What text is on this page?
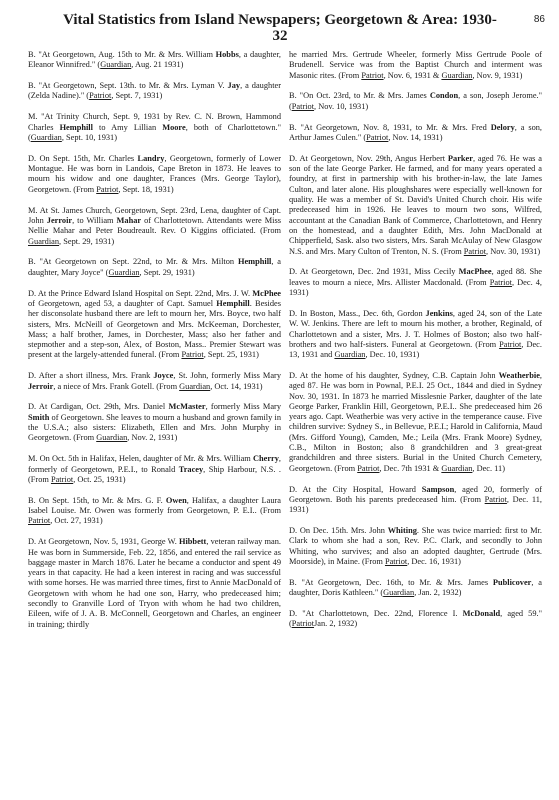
Vital Statistics from Island Newspapers; Georgetown & Area: 1930-32
86

B. "At Georgetown, Aug. 15th to Mr. & Mrs. William Hobbs, a daughter, Eleanor Winnifred." (Guardian, Aug. 21 1931)

B. "At Georgetown, Sept. 13th. to Mr. & Mrs. Lyman V. Jay, a daughter (Zelda Nadine)." (Patriot, Sept. 7, 1931)

M. "At Trinity Church, Sept. 9, 1931 by Rev. C. N. Brown, Hammond Charles Hemphill to Amy Lillian Moore, both of Charlottetown." (Guardian, Sept. 10, 1931)

D. On Sept. 15th, Mr. Charles Landry, Georgetown, formerly of Lower Montague. He was born in Landois, Cape Breton in 1873. He leaves to mourn his widow and one daughter, Frances (Mrs. George Taylor), Georgetown. (From Patriot, Sept. 18, 1931)

M. At St. James Church, Georgetown, Sept. 23rd, Lena, daughter of Capt. John Jerroir, to William Mahar of Charlottetown. Attendants were Miss Nellie Mahar and Peter Boudreault. Rev. O Kiggins officiated. (From Guardian, Sept. 29, 1931)

B. "At Georgetown on Sept. 22nd, to Mr. & Mrs. Milton Hemphill, a daughter, Mary Joyce" (Guardian, Sept. 29, 1931)

D. At the Prince Edward Island Hospital on Sept. 22nd, Mrs. J. W. McPhee of Georgetown, aged 53, a daughter of Capt. Samuel Hemphill. Besides her disconsolate husband there are left to mourn her, Mrs. Boyce, two half sisters, Mrs. McNeill of Georgetown and Mrs. McKeeman, Dorchester, Mass; a half brother, James, in Dorchester, Mass; also her father and stepmother and a step-son, Alex, of Boston, Mass.. Premier Stewart was present at the largely-attended funeral. (From Patriot, Sept. 25, 1931)

D. After a short illness, Mrs. Frank Joyce, St. John, formerly Miss Mary Jerroir, a niece of Mrs. Frank Gotell. (From Guardian, Oct. 14, 1931)

D. At Cardigan, Oct. 29th, Mrs. Daniel McMaster, formerly Miss Mary Smith of Georgetown. She leaves to mourn a husband and grown family in the U.S.A.; also sisters: Elizabeth, Ellen and Mrs. John Murphy in Georgetown. (From Guardian, Nov. 2, 1931)

M. On Oct. 5th in Halifax, Helen, daughter of Mr. & Mrs. William Cherry, formerly of Georgetown, P.E.I., to Ronald Tracey, Ship Harbour, N.S. . (From Patriot, Oct. 25, 1931)

B. On Sept. 15th, to Mr. & Mrs. G. F. Owen, Halifax, a daughter Laura Isabel Louise. Mr. Owen was formerly from Georgetown, P. E.I.. (From Patriot, Oct. 27, 1931)

D. At Georgetown, Nov. 5, 1931, George W. Hibbett, veteran railway man. He was born in Summerside, Feb. 22, 1856, and entered the rail service as baggage master in March 1876. Later he became a conductor and spent 49 years in that capacity. He had a keen interest in racing and was successful with some horses. He was married three times, first to Annie MacDonald of Georgetown with whom he had one son, Harry, who predeceased him; secondly to Granville Lord of Tryon with whom he had two children, Eileen, wife of J. A. B. McConnell, Georgetown and Charles, an engineer in training; thirdly

he married Mrs. Gertrude Wheeler, formerly Miss Gertrude Poole of Brudenell. Service was from the Baptist Church and interment was Masonic rites. (From Patriot, Nov. 6, 1931 & Guardian, Nov. 9, 1931)

B. "On Oct. 23rd, to Mr. & Mrs. James Condon, a son, Joseph Jerome." (Patriot, Nov. 10, 1931)

B. "At Georgetown, Nov. 8, 1931, to Mr. & Mrs. Fred Delory, a son, Arthur James Culen." (Patriot, Nov. 14, 1931)

D. At Georgetown, Nov. 29th, Angus Herbert Parker, aged 76. He was a son of the late George Parker. He farmed, and for many years operated a foundry, at first in partnership with his brother-in-law, the late James Culton, and later alone. His ploughshares were especially well-known for quality. He was a member of St. David's United Church choir. His wife predeceased him in 1926. He leaves to mourn two sons, Wilfred, accountant at the Canadian Bank of Commerce, Charlottetown, and Henry on the homestead, and a daughter Edith, Mrs. John MacDonald at Chipperfield, Sask. also two sisters, Mrs. Sarah McAulay of New Glasgow N.S. and Mrs. Mary Culton of Trenton, N. S. (From Patriot, Nov. 30, 1931)

D. At Georgetown, Dec. 2nd 1931, Miss Cecily MacPhee, aged 88. She leaves to mourn a niece, Mrs. Allister Macdonald. (From Patriot, Dec. 4, 1931)

D. In Boston, Mass., Dec. 6th, Gordon Jenkins, aged 24, son of the Late W. W. Jenkins. There are left to mourn his mother, a brother, Reginald, of Charlottetown and a sister, Mrs. J. T. Holmes of Boston; also two half-brothers and two half-sisters. Funeral at Georgetown. (From Patriot, Dec. 13, 1931 and Guardian, Dec. 10, 1931)

D. At the home of his daughter, Sydney, C.B. Captain John Weatherbie, aged 87. He was born in Pownal, P.E.I. 25 Oct., 1844 and died in Sydney Nov. 30, 1931. In 1873 he married Misslesnie Parker, daughter of the late George Parker, Franklin Hill, Georgetown, P.E.I.. She predeceased him 26 years ago. Capt. Weatherbie was very active in the temperance cause. Five children survive: Sydney S., in Bellevue, P.E.I.; Harold in California, Maud (Mrs. Gifford Young), Camden, Me.; Leila (Mrs. Frank Moore) Sydney, C.B., Milton in Boston; also 8 grandchildren and 3 great-great grandchildren and three sisters. Burial in the United Church Cemetery, Georgetown. (From Patriot, Dec. 7th 1931 & Guardian, Dec. 11)

D. At the City Hospital, Howard Sampson, aged 20, formerly of Georgetown. Both his parents predeceased him. (From Patriot, Dec. 11, 1931)

D. On Dec. 15th. Mrs. John Whiting. She was twice married: first to Mr. Clark to whom she had a son, Rev. P.C. Clark, and secondly to John Whiting, who survives; and also an adopted daughter, Gertrude (Mrs. Moorside), in Maine. (From Patriot, Dec. 16, 1931)

B. "At Georgetown, Dec. 16th, to Mr. & Mrs. James Publicover, a daughter, Doris Kathleen." (Guardian, Jan. 2, 1932)

D. "At Charlottetown, Dec. 22nd, Florence I. McDonald, aged 59." (PatriotJan. 2, 1932)
